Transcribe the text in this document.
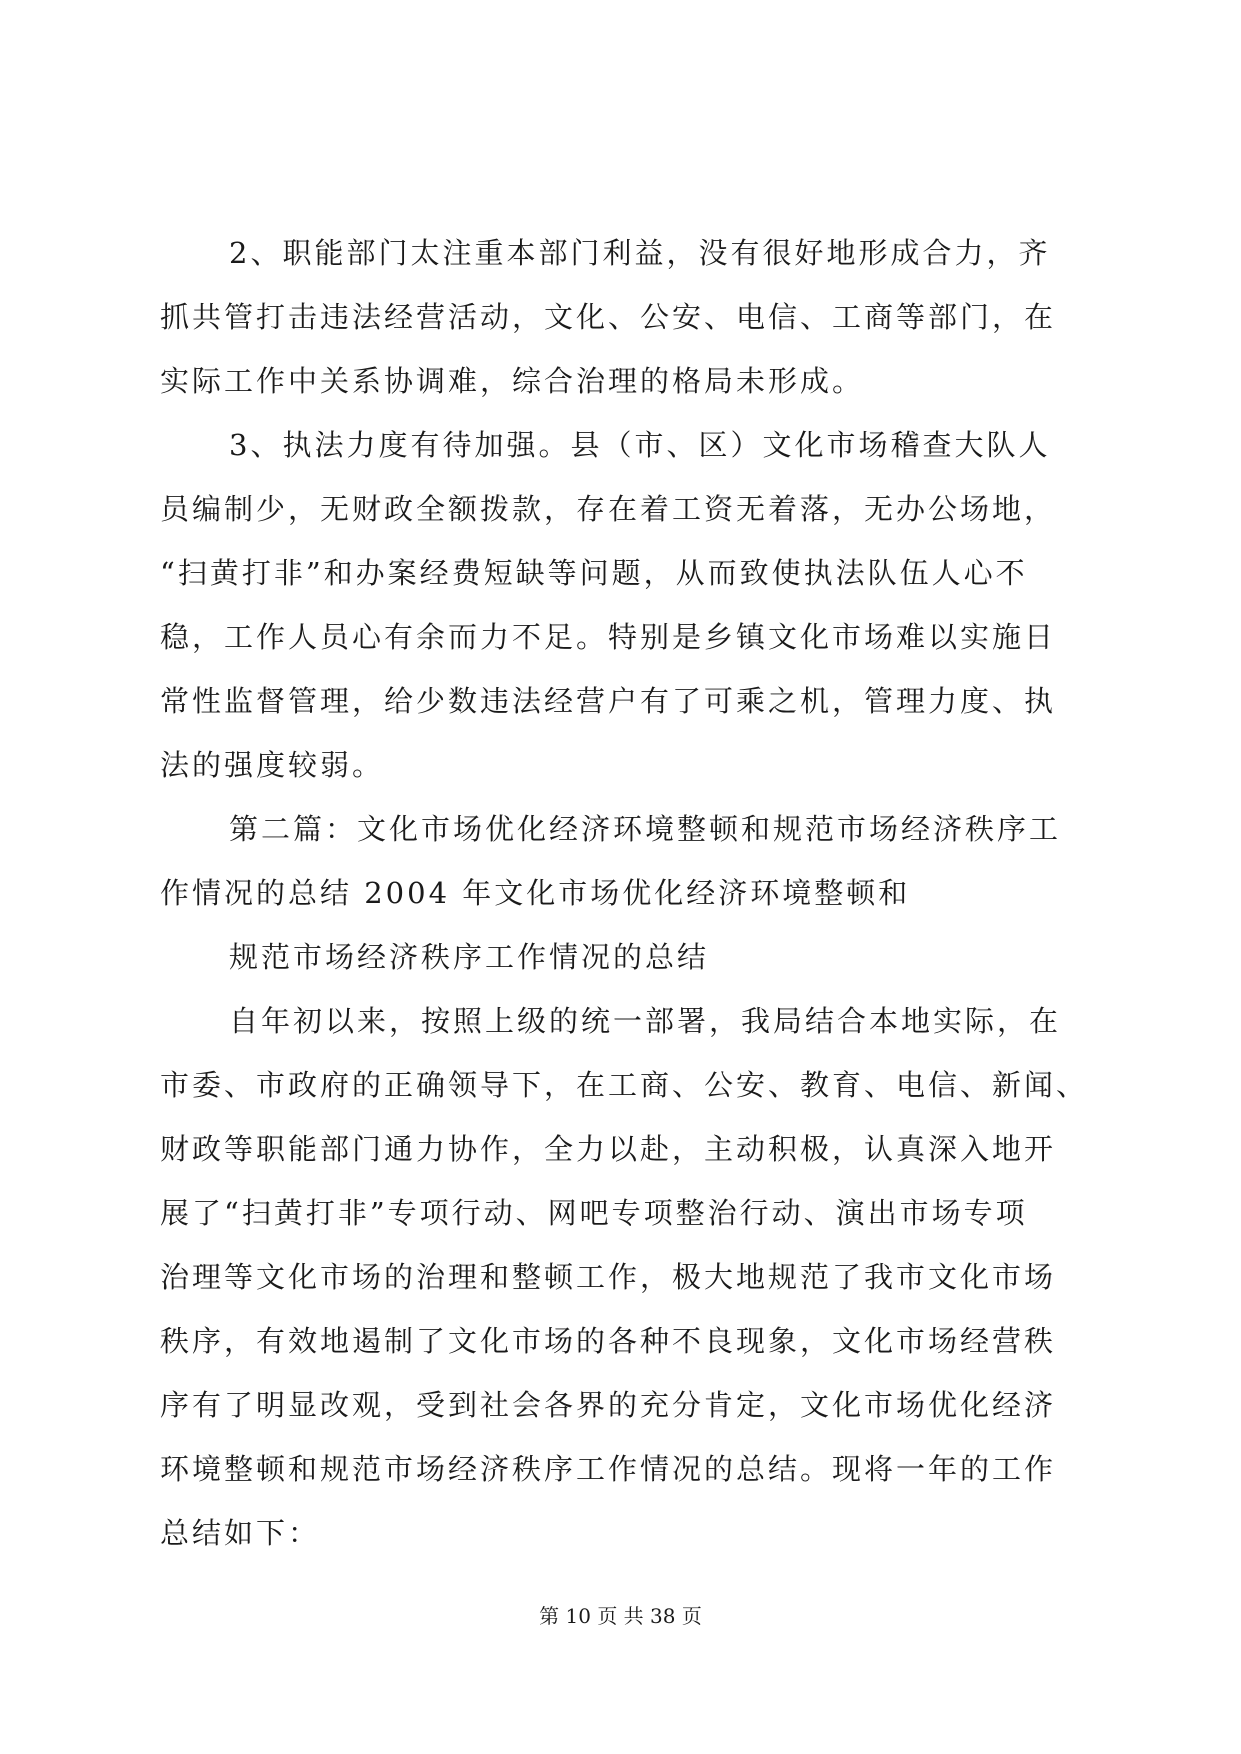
2、职能部门太注重本部门利益，没有很好地形成合力，齐
抓共管打击违法经营活动，文化、公安、电信、工商等部门，在
实际工作中关系协调难，综合治理的格局未形成。
3、执法力度有待加强。县（市、区）文化市场稽查大队人
员编制少，无财政全额拨款，存在着工资无着落，无办公场地，
“扫黄打非”和办案经费短缺等问题，从而致使执法队伍人心不
稳，工作人员心有余而力不足。特别是乡镇文化市场难以实施日
常性监督管理，给少数违法经营户有了可乘之机，管理力度、执
法的强度较弱。
第二篇：文化市场优化经济环境整顿和规范市场经济秩序工
作情况的总结 2004 年文化市场优化经济环境整顿和
规范市场经济秩序工作情况的总结
自年初以来，按照上级的统一部署，我局结合本地实际，在
市委、市政府的正确领导下，在工商、公安、教育、电信、新闻、
财政等职能部门通力协作，全力以赴，主动积极，认真深入地开
展了“扫黄打非”专项行动、网吧专项整治行动、演出市场专项
治理等文化市场的治理和整顿工作，极大地规范了我市文化市场
秩序，有效地遏制了文化市场的各种不良现象，文化市场经营秩
序有了明显改观，受到社会各界的充分肯定，文化市场优化经济
环境整顿和规范市场经济秩序工作情况的总结。现将一年的工作
总结如下：
第 10 页 共 38 页
